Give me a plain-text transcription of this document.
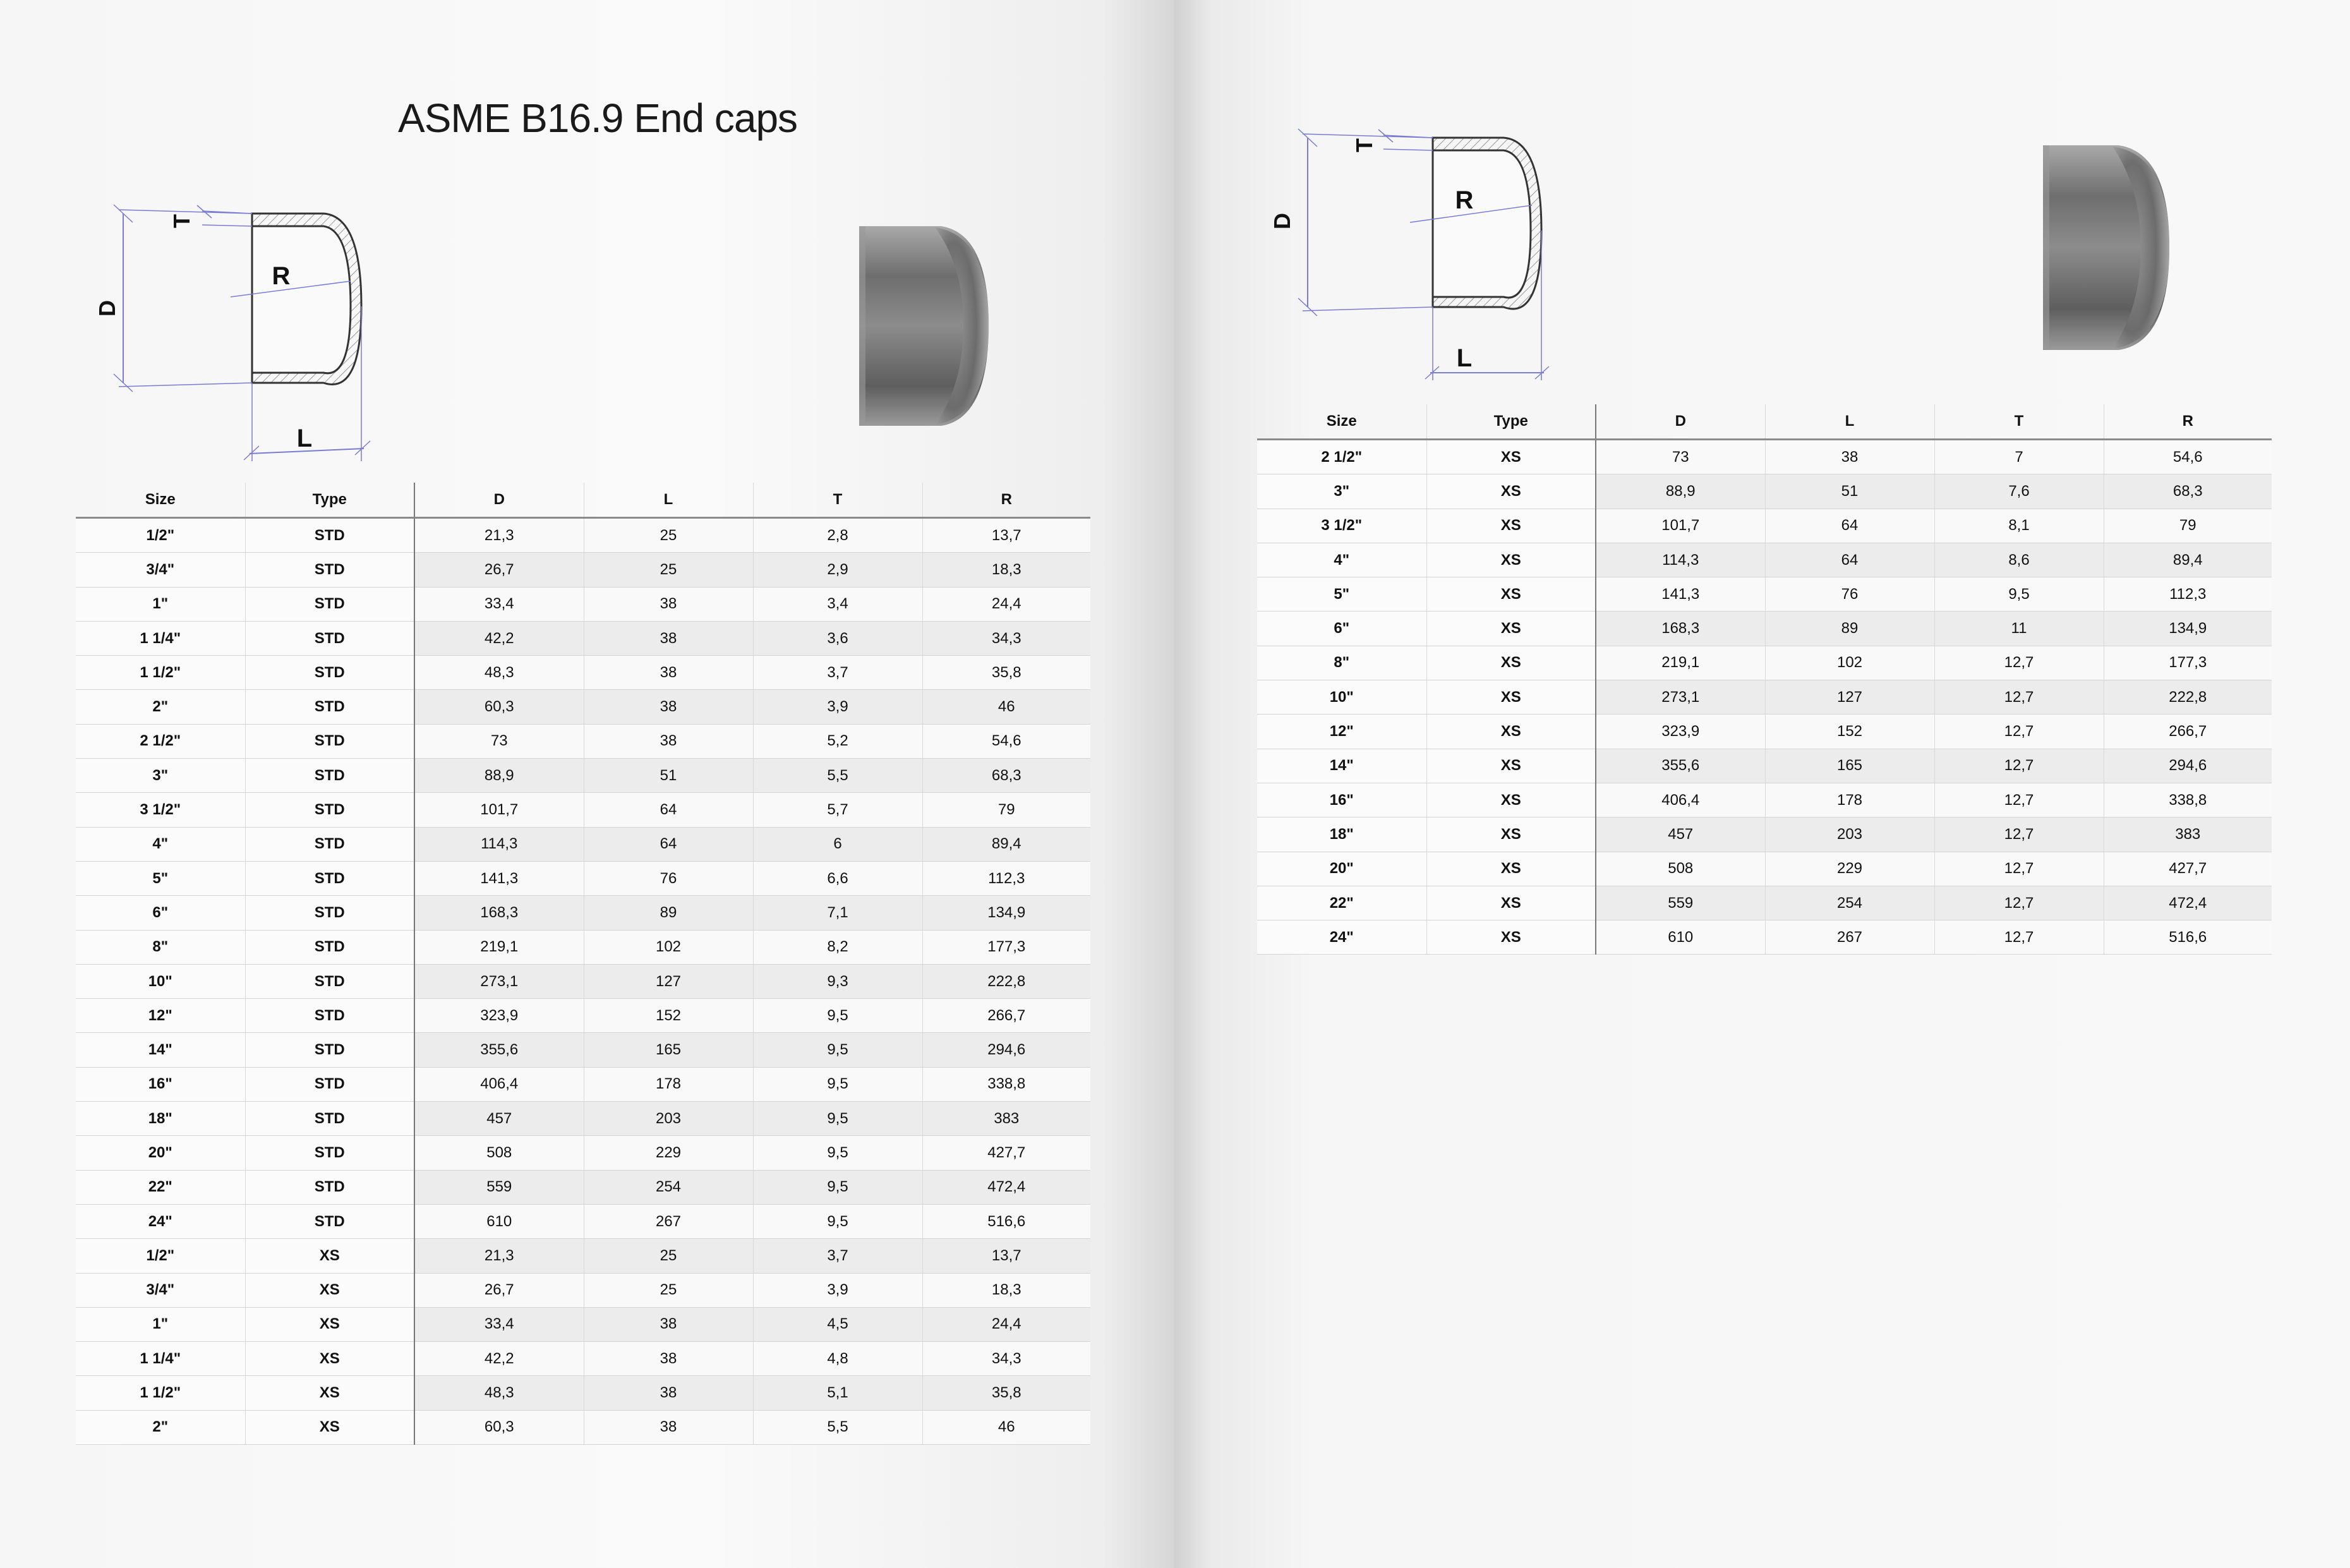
ASME B16.9 End caps
D
T
R
L
Size	Type	D	L	T	R
1/2"	STD	21,3	25	2,8	13,7
3/4"	STD	26,7	25	2,9	18,3
1"	STD	33,4	38	3,4	24,4
1 1/4"	STD	42,2	38	3,6	34,3
1 1/2"	STD	48,3	38	3,7	35,8
2"	STD	60,3	38	3,9	46
2 1/2"	STD	73	38	5,2	54,6
3"	STD	88,9	51	5,5	68,3
3 1/2"	STD	101,7	64	5,7	79
4"	STD	114,3	64	6	89,4
5"	STD	141,3	76	6,6	112,3
6"	STD	168,3	89	7,1	134,9
8"	STD	219,1	102	8,2	177,3
10"	STD	273,1	127	9,3	222,8
12"	STD	323,9	152	9,5	266,7
14"	STD	355,6	165	9,5	294,6
16"	STD	406,4	178	9,5	338,8
18"	STD	457	203	9,5	383
20"	STD	508	229	9,5	427,7
22"	STD	559	254	9,5	472,4
24"	STD	610	267	9,5	516,6
1/2"	XS	21,3	25	3,7	13,7
3/4"	XS	26,7	25	3,9	18,3
1"	XS	33,4	38	4,5	24,4
1 1/4"	XS	42,2	38	4,8	34,3
1 1/2"	XS	48,3	38	5,1	35,8
2"	XS	60,3	38	5,5	46
D
T
R
L
Size	Type	D	L	T	R
2 1/2"	XS	73	38	7	54,6
3"	XS	88,9	51	7,6	68,3
3 1/2"	XS	101,7	64	8,1	79
4"	XS	114,3	64	8,6	89,4
5"	XS	141,3	76	9,5	112,3
6"	XS	168,3	89	11	134,9
8"	XS	219,1	102	12,7	177,3
10"	XS	273,1	127	12,7	222,8
12"	XS	323,9	152	12,7	266,7
14"	XS	355,6	165	12,7	294,6
16"	XS	406,4	178	12,7	338,8
18"	XS	457	203	12,7	383
20"	XS	508	229	12,7	427,7
22"	XS	559	254	12,7	472,4
24"	XS	610	267	12,7	516,6
